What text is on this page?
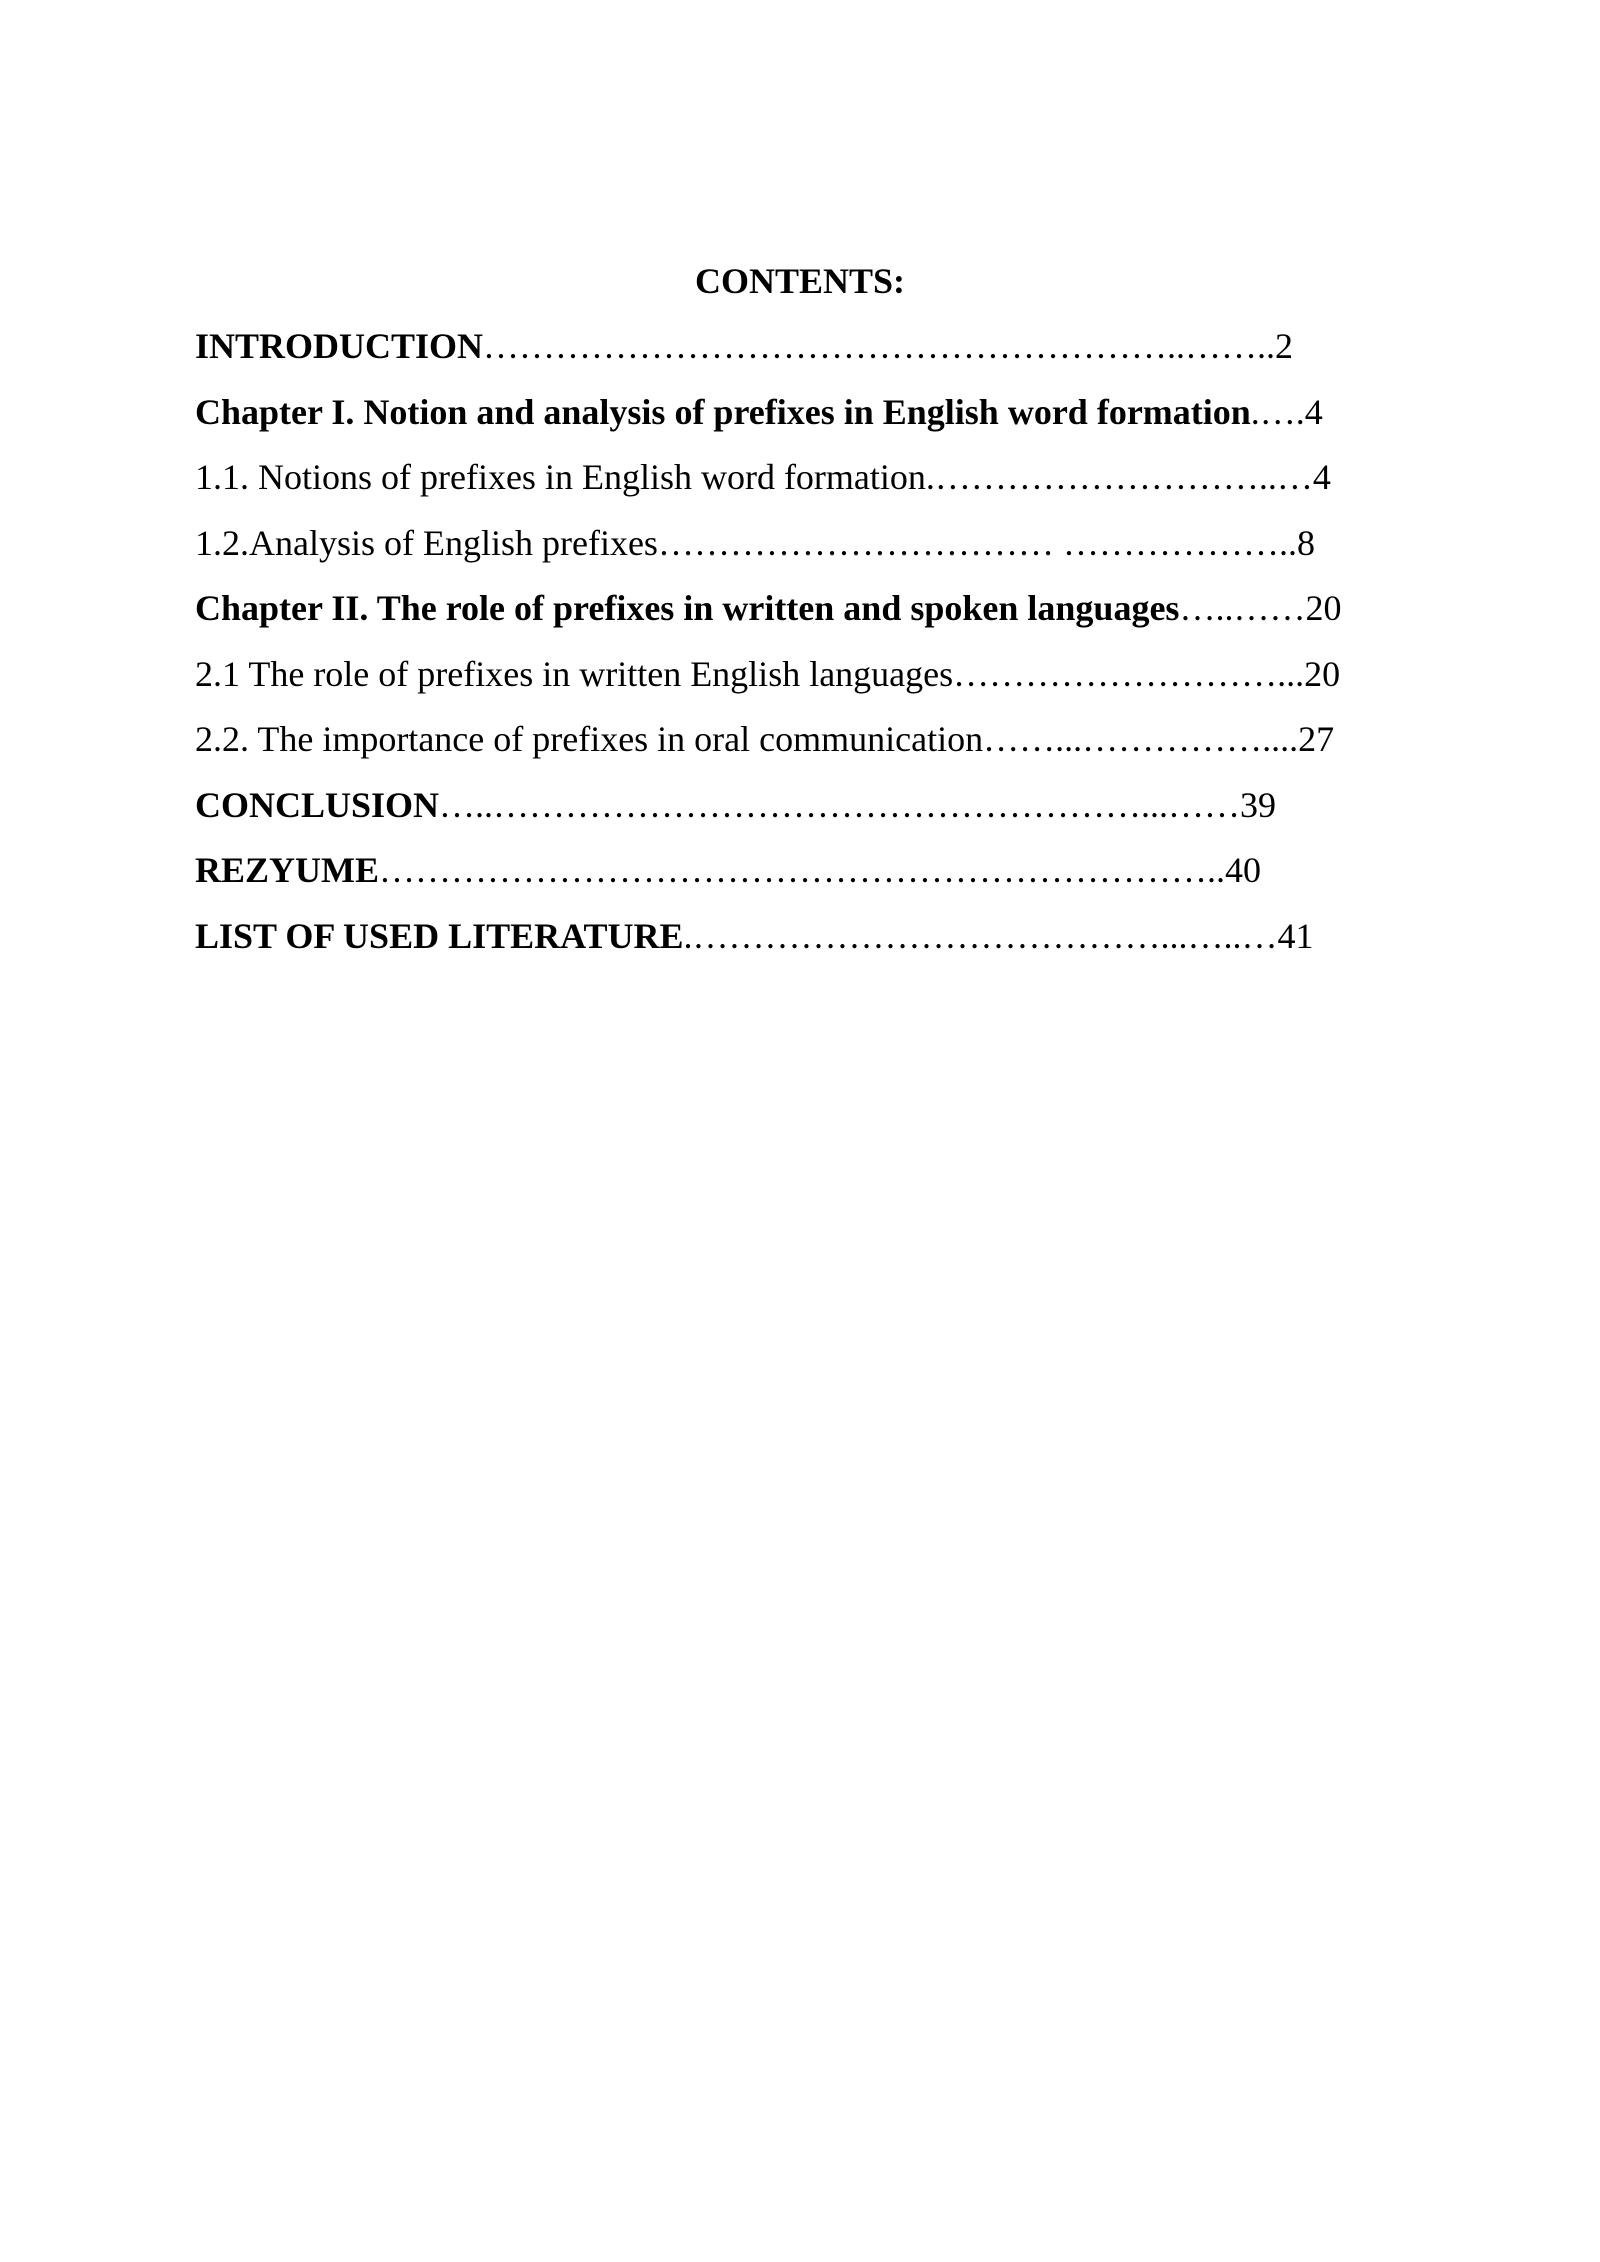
CONTENTS:
INTRODUCTION…………………………………………………..……..2
Chapter I. Notion and analysis of prefixes in English word formation.….4
1.1. Notions of prefixes in English word formation.………………………..…4
1.2.Analysis of English prefixes…………………………… ………………..8
Chapter II. The role of prefixes in written and spoken languages…..……20
2.1 The role of prefixes in written English languages………………………...20
2.2. The importance of prefixes in oral communication……...……………....27
CONCLUSION…..………………………………………………...……39
REZYUME……………………………………………………………..40
LIST OF USED LITERATURE.…………………………………...…..…41
